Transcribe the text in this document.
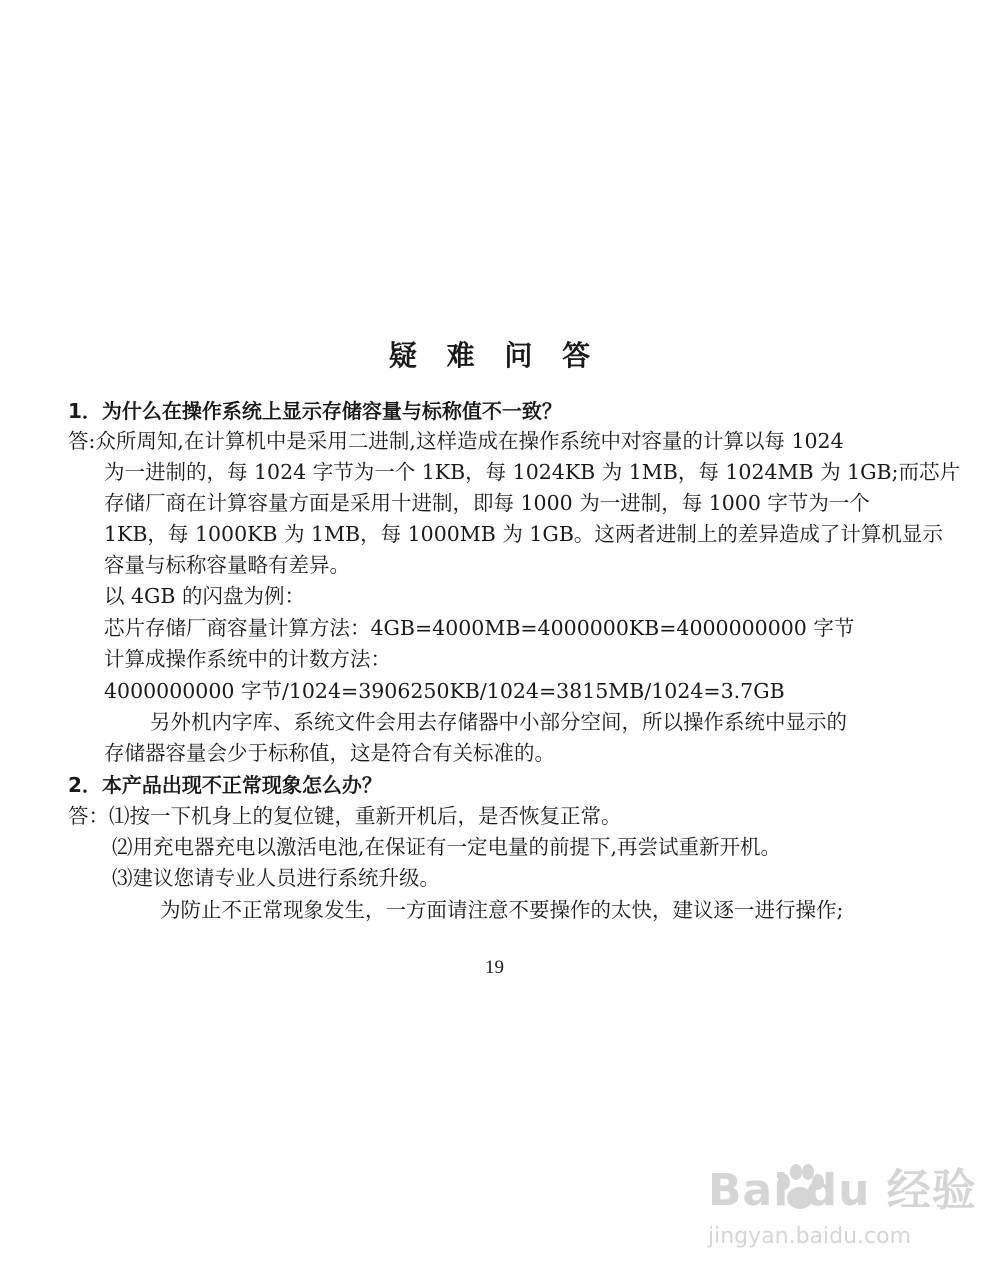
疑 难 问 答
1．为什么在操作系统上显示存储容量与标称值不一致？
答:众所周知,在计算机中是采用二进制,这样造成在操作系统中对容量的计算以每 1024
为一进制的，每 1024 字节为一个 1KB，每 1024KB 为 1MB，每 1024MB 为 1GB;而芯片
存储厂商在计算容量方面是采用十进制，即每 1000 为一进制，每 1000 字节为一个
1KB，每 1000KB 为 1MB，每 1000MB 为 1GB。这两者进制上的差异造成了计算机显示
容量与标称容量略有差异。
以 4GB 的闪盘为例：
芯片存储厂商容量计算方法：4GB=4000MB=4000000KB=4000000000 字节
计算成操作系统中的计数方法：
4000000000 字节/1024=3906250KB/1024=3815MB/1024=3.7GB
另外机内字库、系统文件会用去存储器中小部分空间，所以操作系统中显示的
存储器容量会少于标称值，这是符合有关标准的。
2．本产品出现不正常现象怎么办？
答：⑴按一下机身上的复位键，重新开机后，是否恢复正常。
⑵用充电器充电以激活电池,在保证有一定电量的前提下,再尝试重新开机。
⑶建议您请专业人员进行系统升级。
为防止不正常现象发生，一方面请注意不要操作的太快，建议逐一进行操作;
19
Bai du 经验
jingyan.baidu.com
